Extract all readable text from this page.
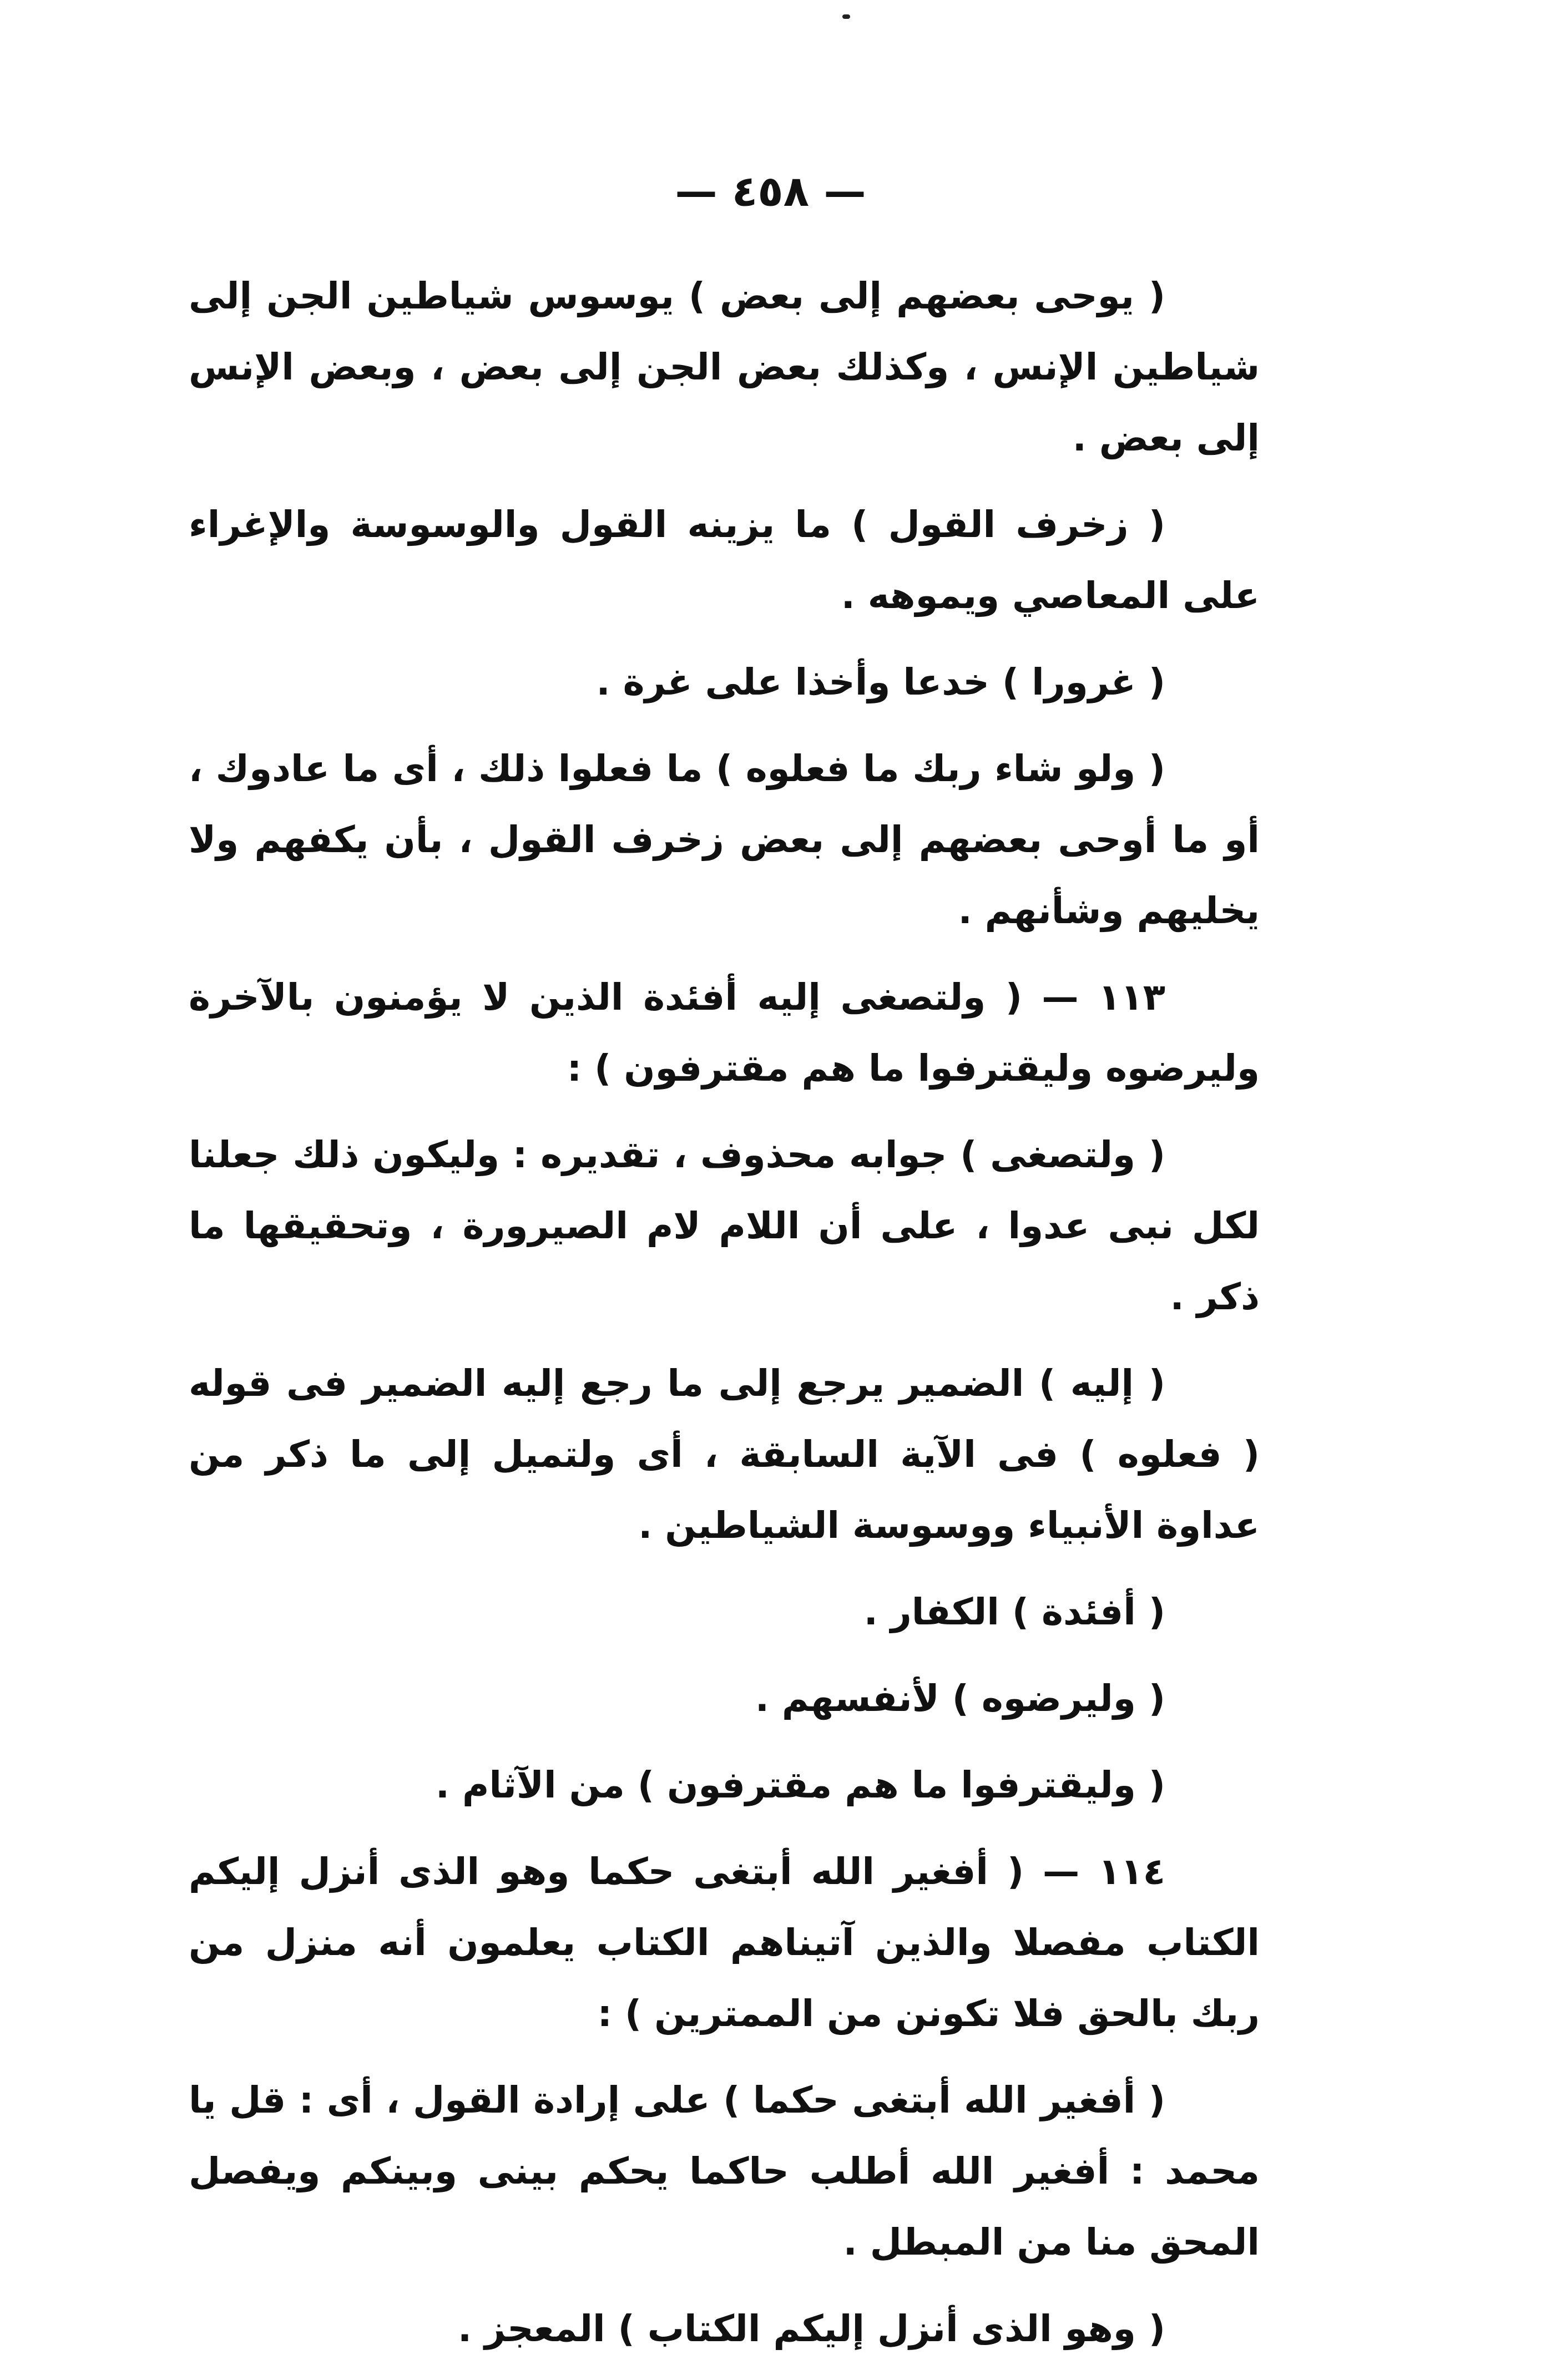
— ٤٥٨ —

( يوحى بعضهم إلى بعض ) يوسوس شياطين الجن إلى شياطين الإنس ، وكذلك بعض الجن إلى بعض ، وبعض الإنس إلى بعض .

( زخرف القول ) ما يزينه القول والوسوسة والإغراء على المعاصي ويموهه .

( غرورا ) خدعا وأخذا على غرة .

( ولو شاء ربك ما فعلوه ) ما فعلوا ذلك ، أى ما عادوك ، أو ما أوحى بعضهم إلى بعض زخرف القول ، بأن يكفهم ولا يخليهم وشأنهم .

١١٣ — ( ولتصغى إليه أفئدة الذين لا يؤمنون بالآخرة وليرضوه وليقترفوا ما هم مقترفون ) :

( ولتصغى ) جوابه محذوف ، تقديره : وليكون ذلك جعلنا لكل نبى عدوا ، على أن اللام لام الصيرورة ، وتحقيقها ما ذكر .

( إليه ) الضمير يرجع إلى ما رجع إليه الضمير فى قوله ( فعلوه ) فى الآية السابقة ، أى ولتميل إلى ما ذكر من عداوة الأنبياء ووسوسة الشياطين .

( أفئدة ) الكفار .

( وليرضوه ) لأنفسهم .

( وليقترفوا ما هم مقترفون ) من الآثام .

١١٤ — ( أفغير الله أبتغى حكما وهو الذى أنزل إليكم الكتاب مفصلا والذين آتيناهم الكتاب يعلمون أنه منزل من ربك بالحق فلا تكونن من الممترين ) :

( أفغير الله أبتغى حكما ) على إرادة القول ، أى : قل يا محمد : أفغير الله أطلب حاكما يحكم بينى وبينكم ويفصل المحق منا من المبطل .

( وهو الذى أنزل إليكم الكتاب ) المعجز .
